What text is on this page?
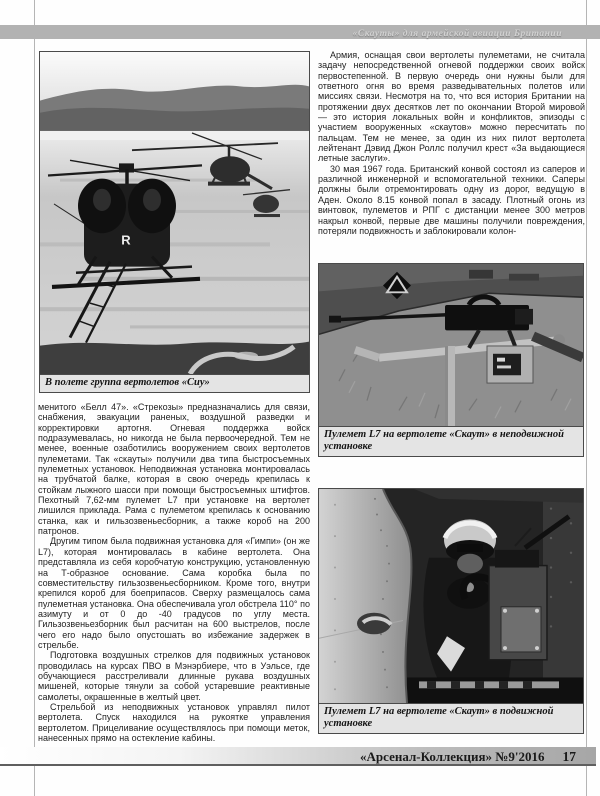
«Скауты» для армейской авиации Британии
R
В полете группа вертолетов «Сиу»

менитого «Белл 47». «Стрекозы» предназначались для связи, снабжения, эвакуации раненых, воздушной разведки и корректировки артогня. Огневая поддержка войск подразумевалась, но никогда не была первоочередной. Тем не менее, военные озаботились вооружением своих вертолетов пулеметами. Так «скауты» получили два типа быстросъемных пулеметных установок. Неподвижная установка монтировалась на трубчатой балке, которая в свою очередь крепилась к стойкам лыжного шасси при помощи быстросъемных штифтов. Пехотный 7,62-мм пулемет L7 при установке на вертолет лишился приклада. Рама с пулеметом крепилась к основанию станка, как и гильзозвеньесборник, а также короб на 200 патронов.

Другим типом была подвижная установка для «Гимпи» (он же L7), которая монтировалась в кабине вертолета. Она представляла из себя коробчатую конструкцию, установленную на Т-образное основание. Сама коробка была по совместительству гильзозвеньесборником. Кроме того, внутри крепился короб для боеприпасов. Сверху размещалось сама пулеметная установка. Она обеспечивала угол обстрела 110° по азимуту и от 0 до -40 градусов по углу места. Гильзозвеньезборник был расчитан на 600 выстрелов, после чего его надо было опустошать во избежание задержек в стрельбе.

Подготовка воздушных стрелков для подвижных установок проводилась на курсах ПВО в Мэнэрбиере, что в Уэльсе, где обучающиеся расстреливали длинные рукава воздушных мишеней, которые тянули за собой устаревшие реактивные самолеты, окрашенные в желтый цвет.

Стрельбой из неподвижных установок управлял пилот вертолета. Спуск находился на рукоятке управления вертолетом. Прицеливание осуществлялось при помощи меток, нанесенных прямо на остекление кабины.

Армия, оснащая свои вертолеты пулеметами, не считала задачу непосредственной огневой поддержки своих войск первостепенной. В первую очередь они нужны были для ответного огня во время разведывательных полетов или миссиях связи. Несмотря на то, что вся история Британии на протяжении двух десятков лет по окончании Второй мировой — это история локальных войн и конфликтов, эпизоды с участием вооруженных «скаутов» можно пересчитать по пальцам. Тем не менее, за один из них пилот вертолета лейтенант Дэвид Джон Роллс получил крест «За выдающиеся летные заслуги».

30 мая 1967 года. Британский конвой состоял из саперов и различной инженерной и вспомогательной техники. Саперы должны были отремонтировать одну из дорог, ведущую в Аден. Около 8.15 конвой попал в засаду. Плотный огонь из винтовок, пулеметов и РПГ с дистанции менее 300 метров накрыл конвой, первые две машины получили повреждения, потеряли подвижность и заблокировали колон-

Пулемет L7 на вертолете «Скаут» в неподвижной установке
Пулемет L7 на вертолете «Скаут» в подвижной установке
«Арсенал-Коллекция» №9'2016 17
